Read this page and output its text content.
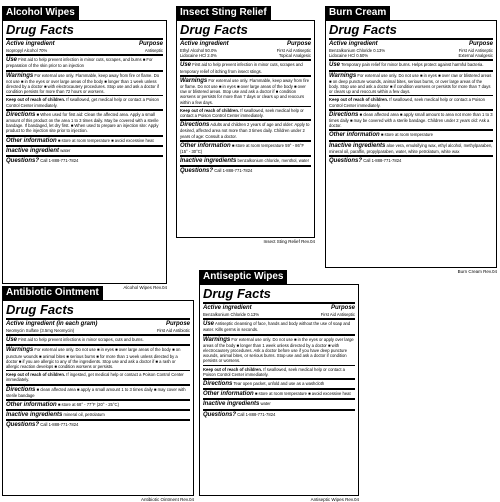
Alcohol Wipes
Drug Facts
Active ingredient	Purpose
Isopropyl Alcohol 70%	Antiseptic
Use First aid to help prevent infection in minor cuts, scrapes, and burns ■ For preparation of the skin prior to an injection
Warnings For external use only. Flammable, keep away from fire or flame. Do not use ■ in the eyes or over large areas of the body ■ longer than 1 week unless directed by a doctor ■ with electrocautery procedures. Stop use and ask a doctor if condition persists for more than 72 hours or worsens.
Keep out of reach of children. If swallowed, get medical help or contact a Poison Control Center immediately.
Directions ■ When used for first aid: Clean the affected area. Apply a small amount of this product on the area 1 to 3 times daily. May be covered with a sterile bandage. If bandaged, let dry first. ■ When used to prepare an injection site: Apply product to the injection site prior to injection.
Other information ■ store at room temperature ■ avoid excessive heat
Inactive ingredient water
Questions? Call 1-888-771-7824
Alcohol Wipes Rev.04
Insect Sting Relief
Drug Facts
Active ingredient	Purpose
Ethyl Alcohol 50.0%	First Aid Antiseptic
Lidocaine HCl 2.0%	Topical Analgesic
Use First aid to help prevent infection in minor cuts, scrapes and temporary relief of itching from insect stings.
Warnings For external use only. Flammable, keep away from fire or flame. Do not use ■ in eyes ■ over large areas of the body ■ over raw or blistered areas. Stop use and ask a doctor if ■ condition worsens or persists for more than 7 days or clears up and reoccurs within a few days.
Keep out of reach of children. If swallowed, seek medical help or contact a Poison Control Center immediately.
Directions Adults and children 2 years of age and older: Apply to desired, affected area not more than 3 times daily. Children under 2 years of age: Consult a doctor.
Other information ■ store at room temperature 59° - 86°F (15° - 30°C)
Inactive ingredients benzalkonium chloride, menthol, water
Questions? Call 1-888-771-7824
Insect Sting Relief Rev.04
Burn Cream
Drug Facts
Active ingredient	Purpose
Benzalkonium Chloride 0.13%	First Aid Antiseptic
Lidocaine HCl 0.50%	External Analgesic
Use Temporary pain relief for minor burns. Helps protect against harmful bacteria.
Warnings For external use only. Do not use ■ in eyes ■ over raw or blistered areas ■ on deep puncture wounds, animal bites, serious burns, or over large areas of the body. Stop use and ask a doctor ■ if condition worsens or persists for more than 7 days or clears up and reoccurs within a few days.
Keep out of reach of children. If swallowed, seek medical help or contact a Poison Control Center immediately.
Directions ■ clean affected area ■ apply small amount to area not more than 1 to 3 times daily ■ may be covered with a sterile bandage. Children under 2 years old: Ask a doctor.
Other information ■ store at room temperature
Inactive ingredients aloe vera, emulsifying wax, ethyl alcohol, methylparaben, mineral oil, paraffin, propylparaben, water, white petrolatum, white wax
Questions? Call 1-888-771-7824
Burn Cream Rev.04
Antibiotic Ointment
Drug Facts
Active ingredient (in each gram)	Purpose
Neomycin Sulfate (3.5mg Neomycin)	First Aid Antibiotic
Use First aid to help prevent infections in minor scrapes, cuts and burns.
Warnings For external use only. Do not use ■ in eyes ■ over large areas of the body ■ on puncture wounds ■ animal bites ■ serious burns ■ for more than 1 week unless directed by a doctor ■ if you are allergic to any of the ingredients. Stop use and ask a doctor if ■ a rash or allergic reaction develops ■ condition worsens or persists.
Keep out of reach of children. If ingested, get medical help or contact a Poison Control Center immediately.
Directions ■ clean affected area ■ apply a small amount 1 to 3 times daily ■ may cover with sterile bandage
Other information ■ store at 68° - 77°F (20° - 25°C)
Inactive ingredients mineral oil, petrolatum
Questions? Call 1-888-771-7824
Antibiotic Ointment Rev.04
Antiseptic Wipes
Drug Facts
Active ingredient	Purpose
Benzalkonium Chloride 0.13%	First Aid Antiseptic
Use Antiseptic cleansing of face, hands and body without the use of soap and water. Kills germs in seconds.
Warnings For external use only. Do not use ■ in the eyes or apply over large areas of the body ■ longer than 1 week unless directed by a doctor ■ with electrocautery procedures. Ask a doctor before use if you have deep puncture wounds, animal bites, or serious burns. Stop use and ask a doctor if condition persists or worsens.
Keep out of reach of children. If swallowed, seek medical help or contact a Poison Control Center immediately.
Directions Tear open packet, unfold and use as a washcloth
Other information ■ store at room temperature ■ avoid excessive heat
Inactive ingredients water
Questions? Call 1-888-771-7824
Antiseptic Wipes Rev.04
